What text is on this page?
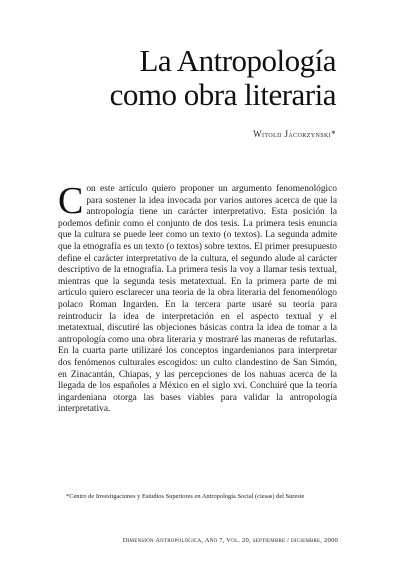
La Antropología
como obra literaria
Witold Jacorzynski*
Con este artículo quiero proponer un argumento fenomenológico para sostener la idea invocada por varios autores acerca de que la antropología tiene un carácter interpretativo. Esta posición la podemos definir como el conjunto de dos tesis. La primera tesis enuncia que la cultura se puede leer como un texto (o textos). La segunda admite que la etnografía es un texto (o textos) sobre textos. El primer presupuesto define el carácter interpretativo de la cultura, el segundo alude al carácter descriptivo de la etnografía. La primera tesis la voy a llamar tesis textual, mientras que la segunda tesis metatextual. En la primera parte de mi artículo quiero esclarecer una teoría de la obra literaria del fenomenólogo polaco Roman Ingarden. En la tercera parte usaré su teoría para reintroducir la idea de interpretación en el aspecto textual y el metatextual, discutiré las objeciones básicas contra la idea de tomar a la antropología como una obra literaria y mostraré las maneras de refutarlas. En la cuarta parte utilizaré los conceptos ingardenianos para interpretar dos fenómenos culturales escogidos: un culto clandestino de San Simón, en Zinacantán, Chiapas, y las percepciones de los nahuas acerca de la llegada de los españoles a México en el siglo xvi. Concluiré que la teoría ingardeniana otorga las bases viables para validar la antropología interpretativa.
*Centro de Investigaciones y Estudios Superiores en Antropología Social (ciesas) del Sureste
Dimensión Antropológica, Año 7, Vol. 20, septiembre / diciembre, 2000
